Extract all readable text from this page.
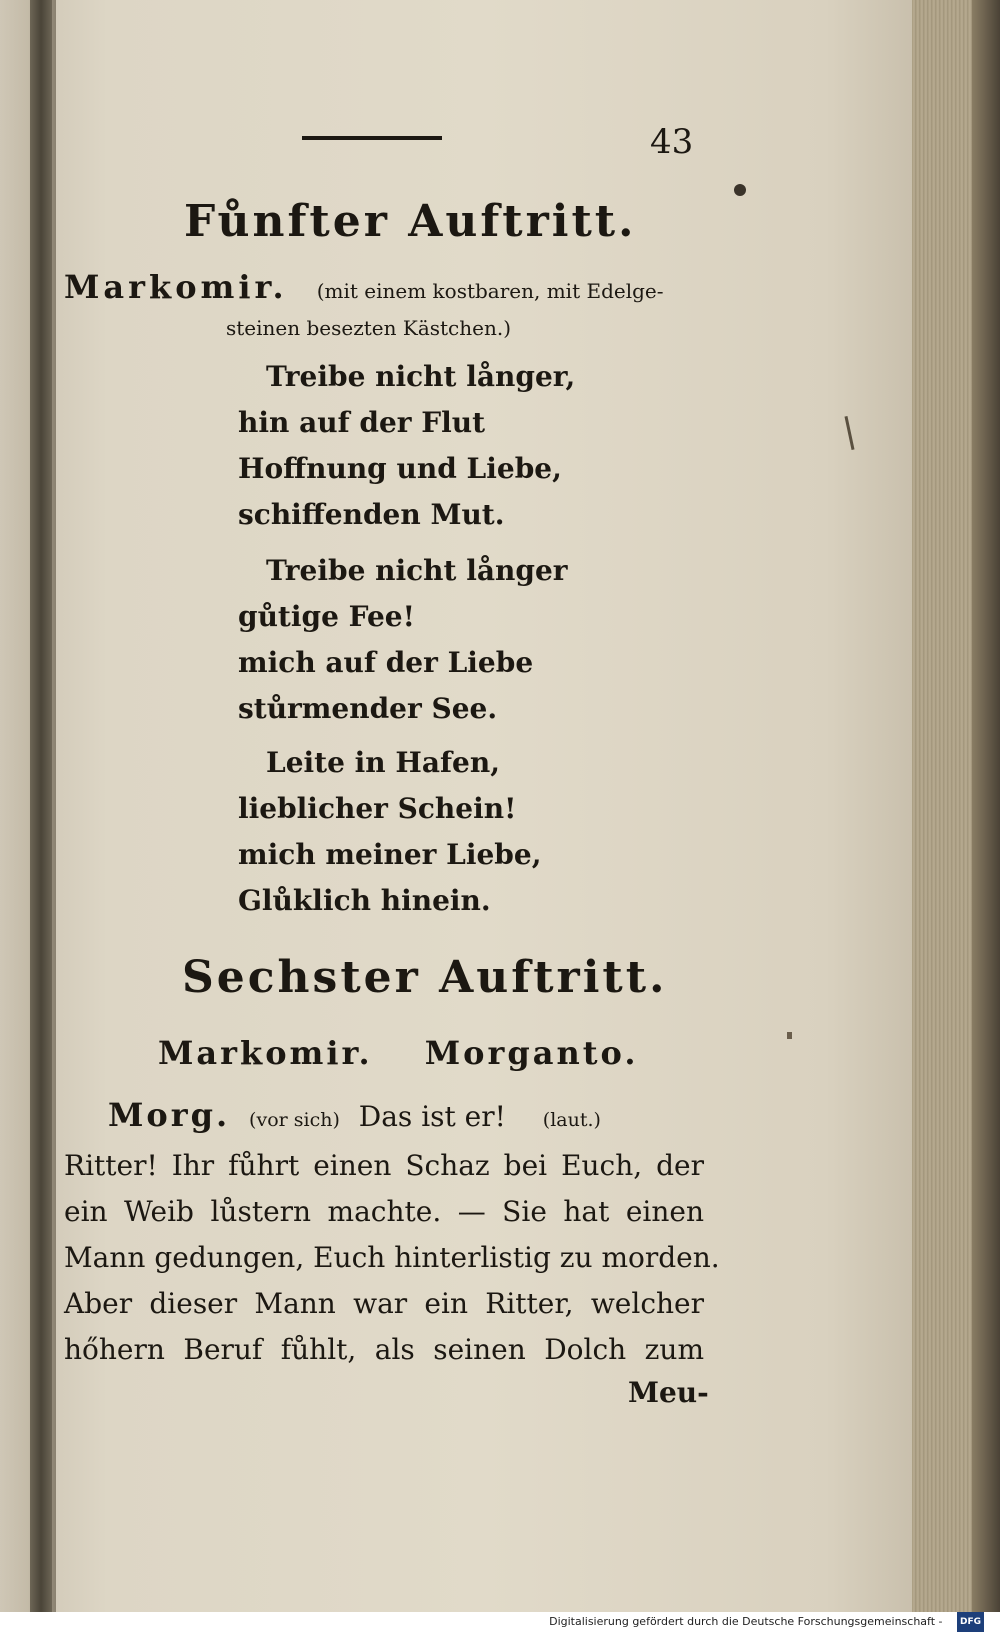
43
Fůnfter Auftritt.
Markomir. (mit einem kostbaren, mit Edelge-
steinen besezten Kästchen.)
Treibe nicht långer,
hin auf der Flut
Hoffnung und Liebe,
schiffenden Mut.
Treibe nicht långer
gůtige Fee!
mich auf der Liebe
stůrmender See.
Leite in Hafen,
lieblicher Schein!
mich meiner Liebe,
Glůklich hinein.
Sechster Auftritt.
Markomir. Morganto.
Morg. (vor sich) Das ist er! (laut.)
Ritter! Ihr fůhrt einen Schaz bei Euch, der
ein Weib lůstern machte. — Sie hat einen
Mann gedungen, Euch hinterlistig zu morden.
Aber dieser Mann war ein Ritter, welcher
hőhern Beruf fůhlt, als seinen Dolch zum
Meu-
Digitalisierung gefördert durch die Deutsche Forschungsgemeinschaft - DFG
